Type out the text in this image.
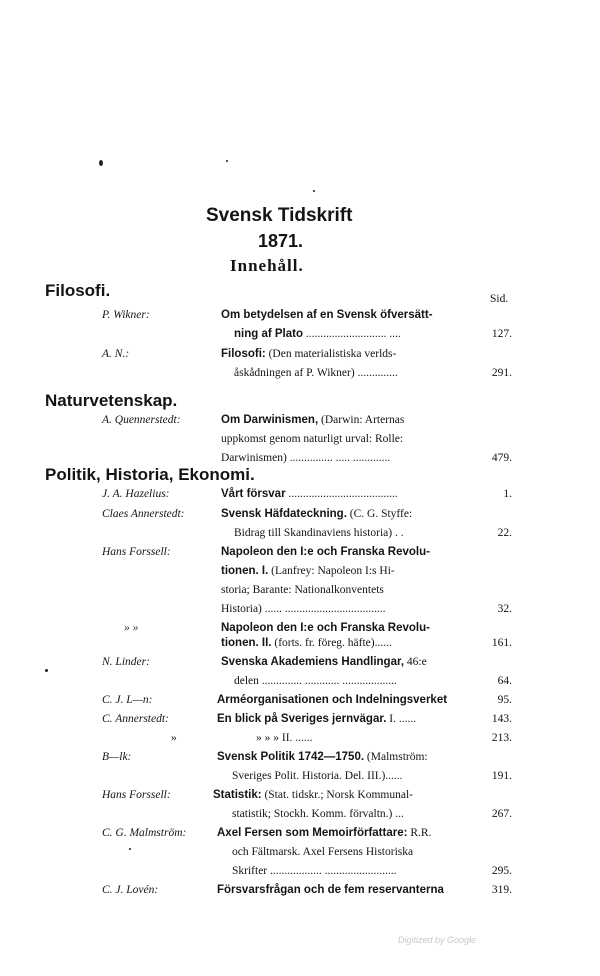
Svensk Tidskrift
1871.
Innehåll.
Filosofi.	Sid.
P. Wikner:	Om betydelsen af en Svensk öfversätt-
ning af Plato ............................ ....	127.
A. N.:	Filosofi: (Den materialistiska verlds-
åskådningen af P. Wikner) ..............	291.
Naturvetenskap.
A. Quennerstedt:	Om Darwinismen, (Darwin: Arternas
uppkomst genom naturligt urval: Rolle:
Darwinismen) ............... ..... .............	479.
Politik, Historia, Ekonomi.
J. A. Hazelius:	Vårt försvar ......................................	1.
Claes Annerstedt:	Svensk Häfdateckning. (C. G. Styffe:
Bidrag till Skandinaviens historia) . .	22.
Hans Forssell:	Napoleon den I:e och Franska Revolu-
tionen. I. (Lanfrey: Napoleon I:s Hi-
storia; Barante: Nationalkonventets
Historia) ...... ...................................	32.
» »	Napoleon den I:e och Franska Revolu-
tionen. II. (forts. fr. föreg. häfte)......	161.
N. Linder:	Svenska Akademiens Handlingar, 46:e
delen .............. ............ ...................	64.
C. J. L—n:	Arméorganisationen och Indelningsverket	95.
C. Annerstedt:	En blick på Sveriges jernvägar. I. ......	143.
»	» » » II. ......	213.
B—lk:	Svensk Politik 1742—1750. (Malmström:
Sveriges Polit. Historia. Del. III.)......	191.
Hans Forssell:	Statistik: (Stat. tidskr.; Norsk Kommunal-
statistik; Stockh. Komm. förvaltn.) ...	267.
C. G. Malmström:	Axel Fersen som Memoirförfattare: R.R.
och Fältmarsk. Axel Fersens Historiska
Skrifter .................. .........................	295.
C. J. Lovén:	Försvarsfrågan och de fem reservanterna	319.
Digitized by Google
